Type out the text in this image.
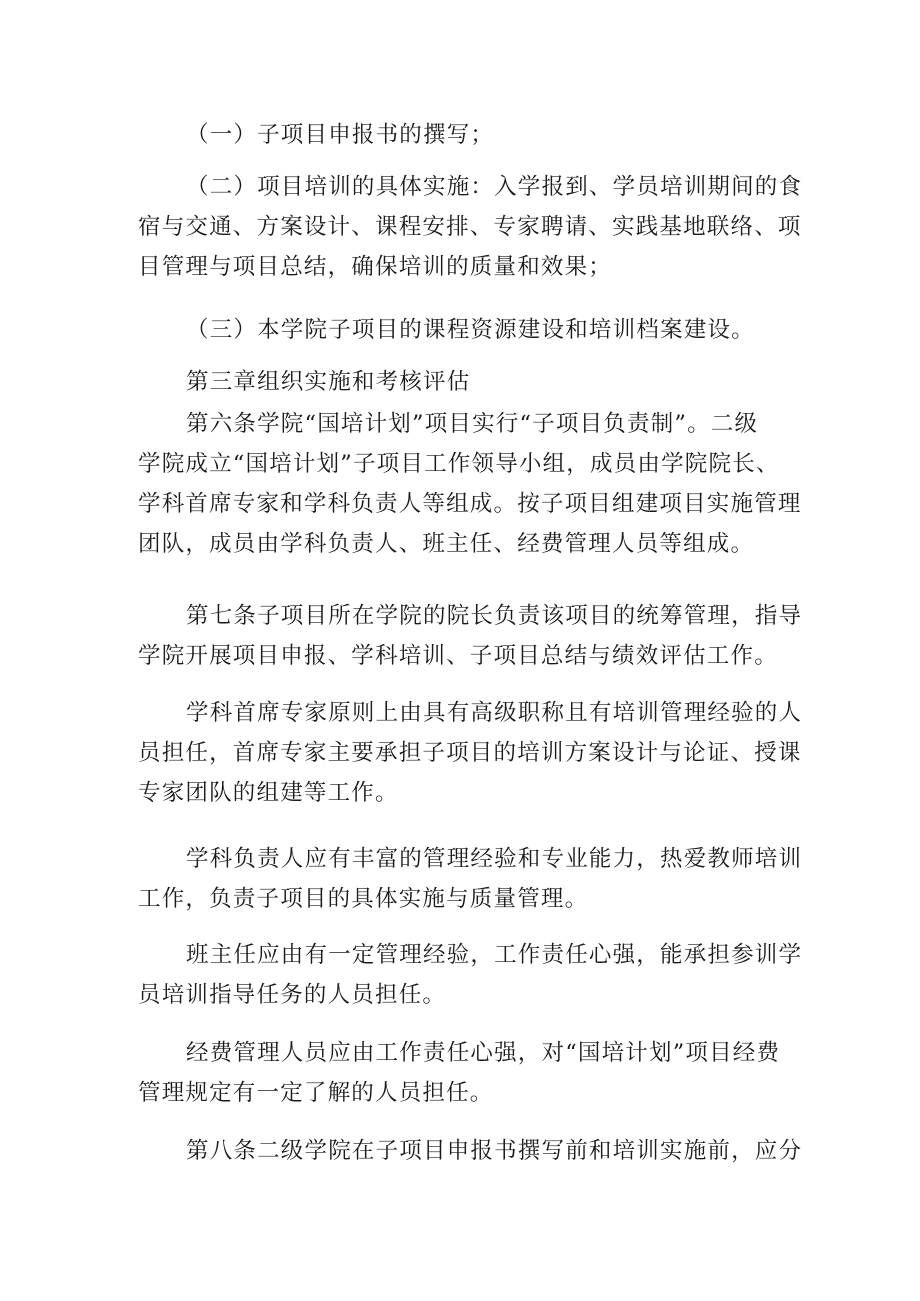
（一）子项目申报书的撰写；

（二）项目培训的具体实施：入学报到、学员培训期间的食
宿与交通、方案设计、课程安排、专家聘请、实践基地联络、项
目管理与项目总结，确保培训的质量和效果；

（三）本学院子项目的课程资源建设和培训档案建设。

第三章组织实施和考核评估

第六条学院“国培计划”项目实行“子项目负责制”。二级
学院成立“国培计划”子项目工作领导小组，成员由学院院长、
学科首席专家和学科负责人等组成。按子项目组建项目实施管理
团队，成员由学科负责人、班主任、经费管理人员等组成。

第七条子项目所在学院的院长负责该项目的统筹管理，指导
学院开展项目申报、学科培训、子项目总结与绩效评估工作。

学科首席专家原则上由具有高级职称且有培训管理经验的人
员担任，首席专家主要承担子项目的培训方案设计与论证、授课
专家团队的组建等工作。

学科负责人应有丰富的管理经验和专业能力，热爱教师培训
工作，负责子项目的具体实施与质量管理。

班主任应由有一定管理经验，工作责任心强，能承担参训学
员培训指导任务的人员担任。

经费管理人员应由工作责任心强，对“国培计划”项目经费
管理规定有一定了解的人员担任。

第八条二级学院在子项目申报书撰写前和培训实施前，应分
